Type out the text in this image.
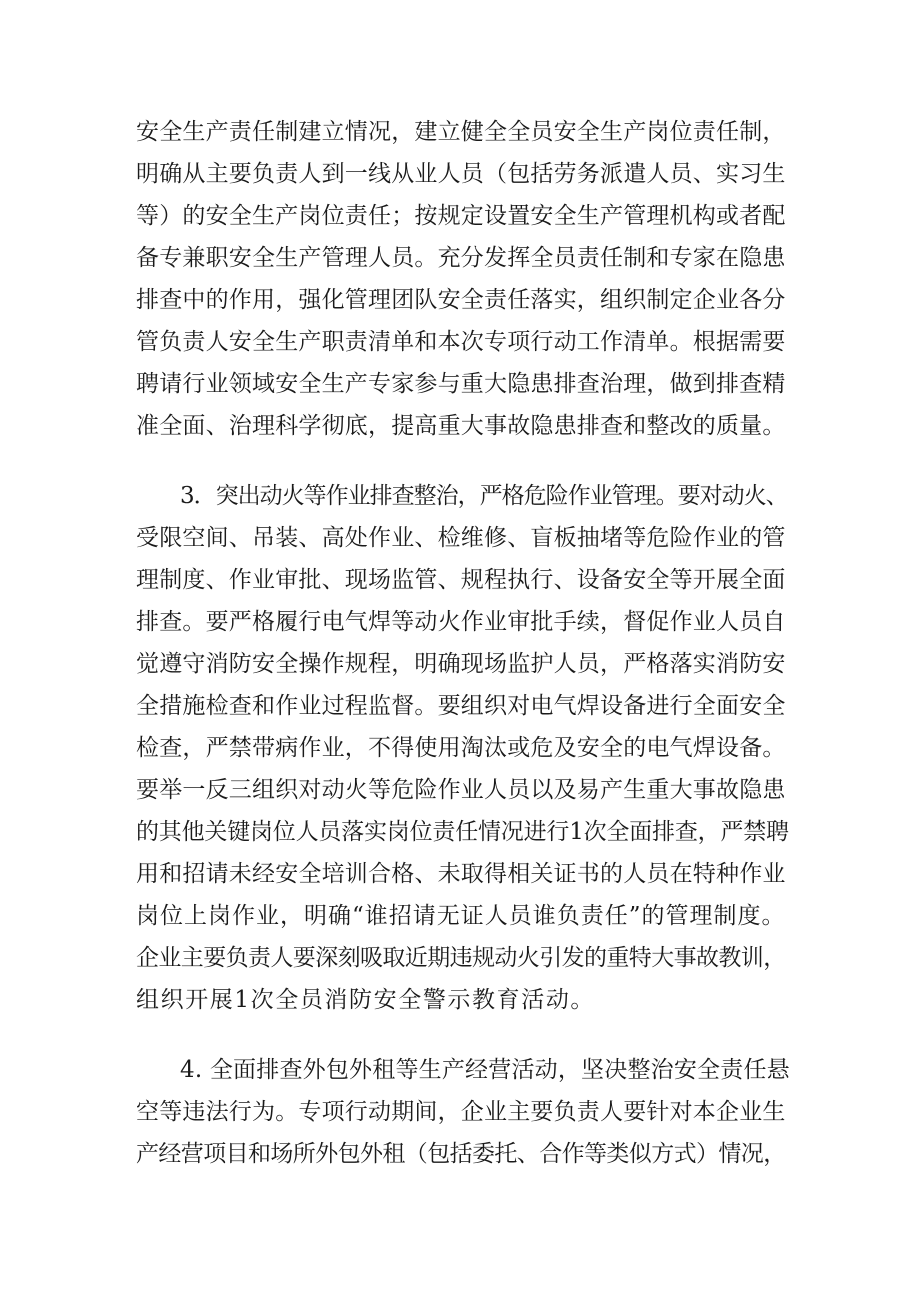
安全生产责任制建立情况，建立健全全员安全生产岗位责任制，
明确从主要负责人到一线从业人员（包括劳务派遣人员、实习生
等）的安全生产岗位责任；按规定设置安全生产管理机构或者配
备专兼职安全生产管理人员。充分发挥全员责任制和专家在隐患
排查中的作用，强化管理团队安全责任落实，组织制定企业各分
管负责人安全生产职责清单和本次专项行动工作清单。根据需要
聘请行业领域安全生产专家参与重大隐患排查治理，做到排查精
准全面、治理科学彻底，提高重大事故隐患排查和整改的质量。
3．突出动火等作业排查整治，严格危险作业管理。要对动火、
受限空间、吊装、高处作业、检维修、盲板抽堵等危险作业的管
理制度、作业审批、现场监管、规程执行、设备安全等开展全面
排查。要严格履行电气焊等动火作业审批手续，督促作业人员自
觉遵守消防安全操作规程，明确现场监护人员，严格落实消防安
全措施检查和作业过程监督。要组织对电气焊设备进行全面安全
检查，严禁带病作业，不得使用淘汰或危及安全的电气焊设备。
要举一反三组织对动火等危险作业人员以及易产生重大事故隐患
的其他关键岗位人员落实岗位责任情况进行1次全面排查，严禁聘
用和招请未经安全培训合格、未取得相关证书的人员在特种作业
岗位上岗作业，明确“谁招请无证人员谁负责任”的管理制度。
企业主要负责人要深刻吸取近期违规动火引发的重特大事故教训，
组织开展1次全员消防安全警示教育活动。
4. 全面排查外包外租等生产经营活动，坚决整治安全责任悬
空等违法行为。专项行动期间，企业主要负责人要针对本企业生
产经营项目和场所外包外租（包括委托、合作等类似方式）情况，
